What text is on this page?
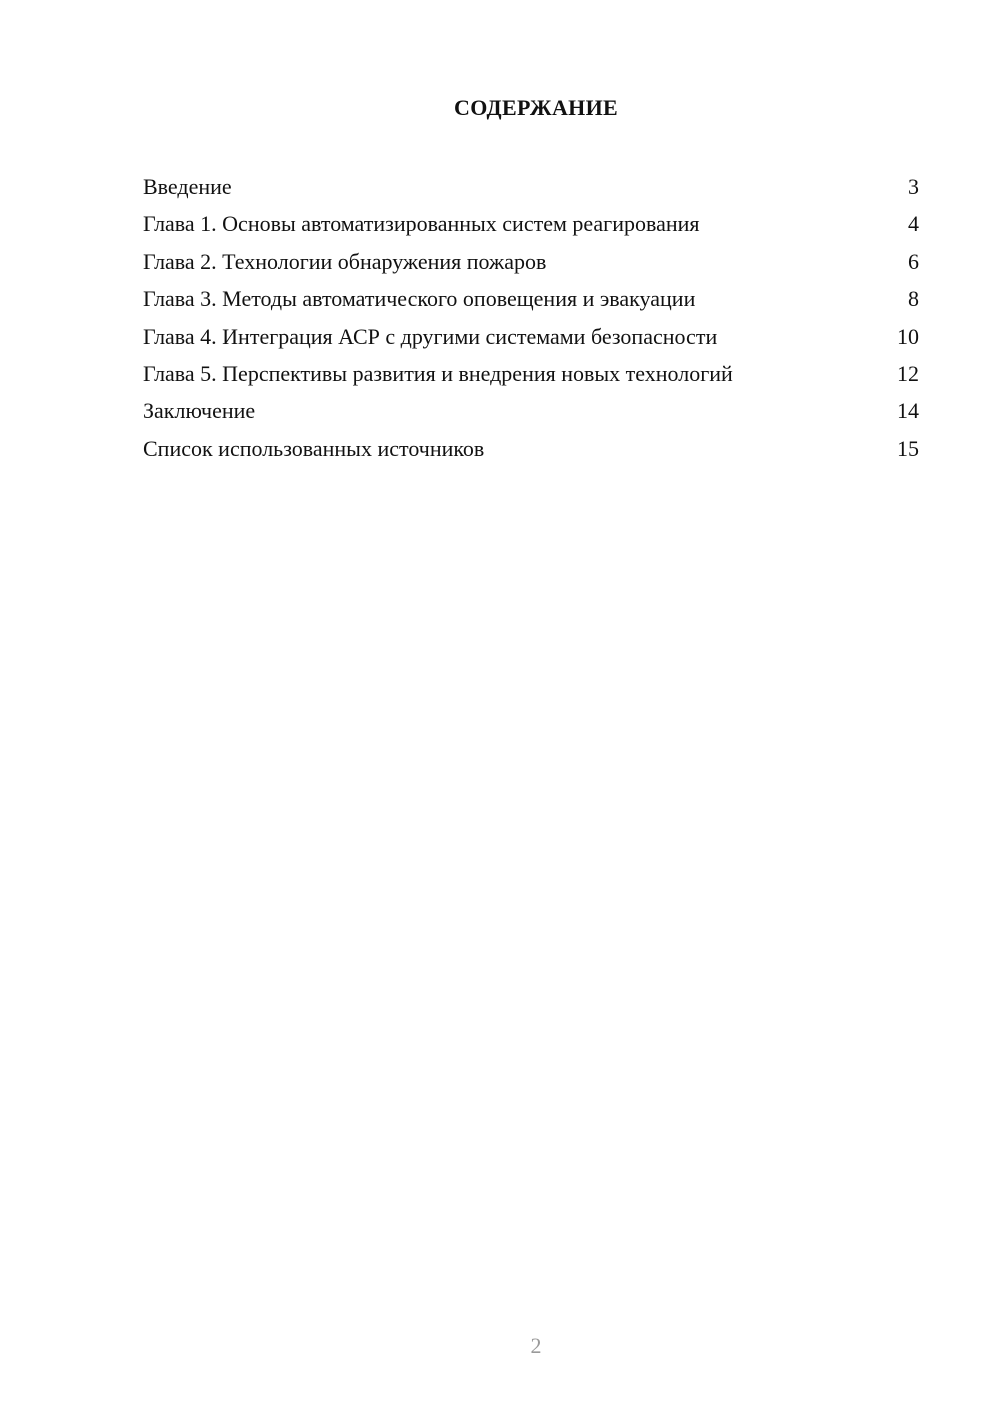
СОДЕРЖАНИЕ
Введение	3
Глава 1. Основы автоматизированных систем реагирования	4
Глава 2. Технологии обнаружения пожаров	6
Глава 3. Методы автоматического оповещения и эвакуации	8
Глава 4. Интеграция АСР с другими системами безопасности	10
Глава 5. Перспективы развития и внедрения новых технологий	12
Заключение	14
Список использованных источников	15
2
